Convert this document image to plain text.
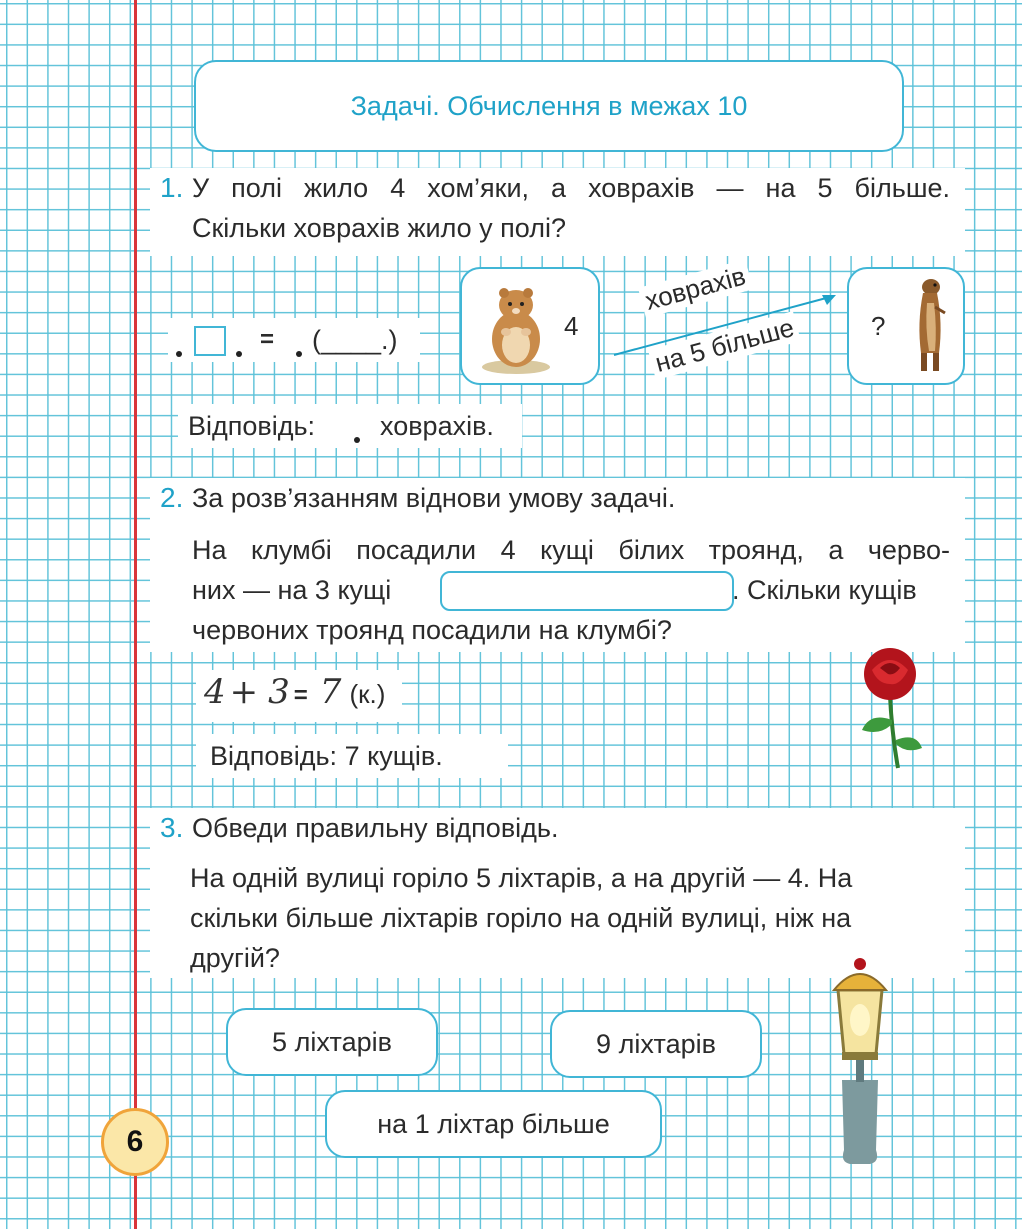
Задачі. Обчислення в межах 10
1. У полі жило 4 хом’яки, а ховрахів — на 5 більше.
Скільки ховрахів жило у полі?
= (____.)
Відповідь: ховрахів.
4
ховрахів
на 5 більше	?
2. За розв’язанням віднови умову задачі.
На клумбі посадили 4 кущі білих троянд, а черво-
них — на 3 кущі	. Скільки кущів
червоних троянд посадили на клумбі?
4 + 3 = 7 (к.)
Відповідь: 7 кущів.
3. Обведи правильну відповідь.
На одній вулиці горіло 5 ліхтарів, а на другій — 4. На
скільки більше ліхтарів горіло на одній вулиці, ніж на
другій?
5 ліхтарів	9 ліхтарів
на 1 ліхтар більше
6
